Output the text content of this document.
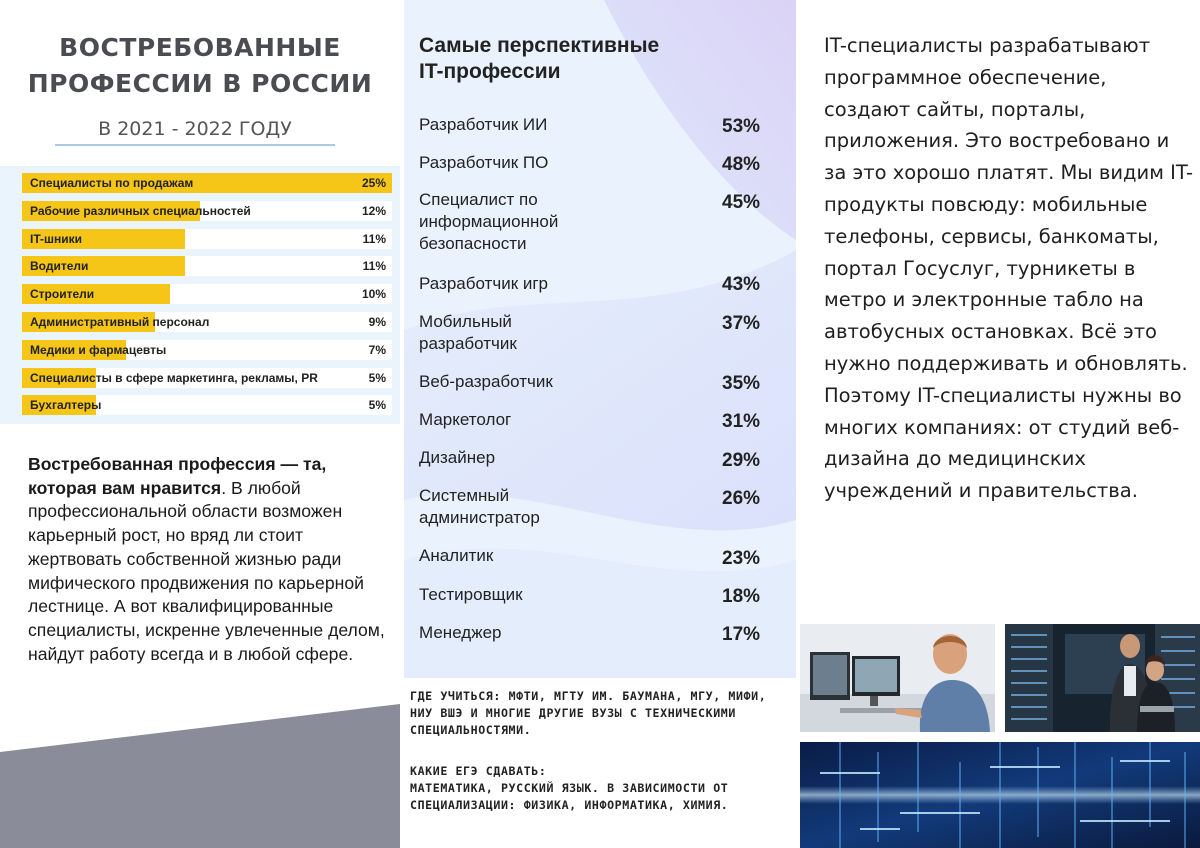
ВОСТРЕБОВАННЫЕ
ПРОФЕССИИ В РОССИИ
В 2021 - 2022 ГОДУ
Специалисты по продажам	25%
Рабочие различных специальностей	12%
IT-шники	11%
Водители	11%
Строители	10%
Административный персонал	9%
Медики и фармацевты	7%
Специалисты в сфере маркетинга, рекламы, PR	5%
Бухгалтеры	5%
Востребованная профессия — та, которая вам нравится. В любой профессиональной области возможен карьерный рост, но вряд ли стоит жертвовать собственной жизнью ради мифического продвижения по карьерной лестнице. А вот квалифицированные специалисты, искренне увлеченные делом, найдут работу всегда и в любой сфере.
Самые перспективные
IT-профессии
Разработчик ИИ	53%
Разработчик ПО	48%
Специалист по информационной безопасности
45%
Разработчик игр	43%
Мобильный разработчик
37%
Веб-разработчик	35%
Маркетолог	31%
Дизайнер	29%
Системный администратор
26%
Аналитик	23%
Тестировщик	18%
Менеджер	17%
ГДЕ УЧИТЬСЯ: МФТИ, МГТУ ИМ. БАУМАНА, МГУ, МИФИ, НИУ ВШЭ И МНОГИЕ ДРУГИЕ ВУЗЫ С ТЕХНИЧЕСКИМИ СПЕЦИАЛЬНОСТЯМИ.
КАКИЕ ЕГЭ СДАВАТЬ:
МАТЕМАТИКА, РУССКИЙ ЯЗЫК. В ЗАВИСИМОСТИ ОТ СПЕЦИАЛИЗАЦИИ: ФИЗИКА, ИНФОРМАТИКА, ХИМИЯ.
IT-специалисты разрабатывают программное обеспечение, создают сайты, порталы, приложения. Это востребовано и за это хорошо платят. Мы видим IT-продукты повсюду: мобильные телефоны, сервисы, банкоматы, портал Госуслуг, турникеты в метро и электронные табло на автобусных остановках. Всё это нужно поддерживать и обновлять. Поэтому IT-специалисты нужны во многих компаниях: от студий веб-дизайна до медицинских учреждений и правительства.
